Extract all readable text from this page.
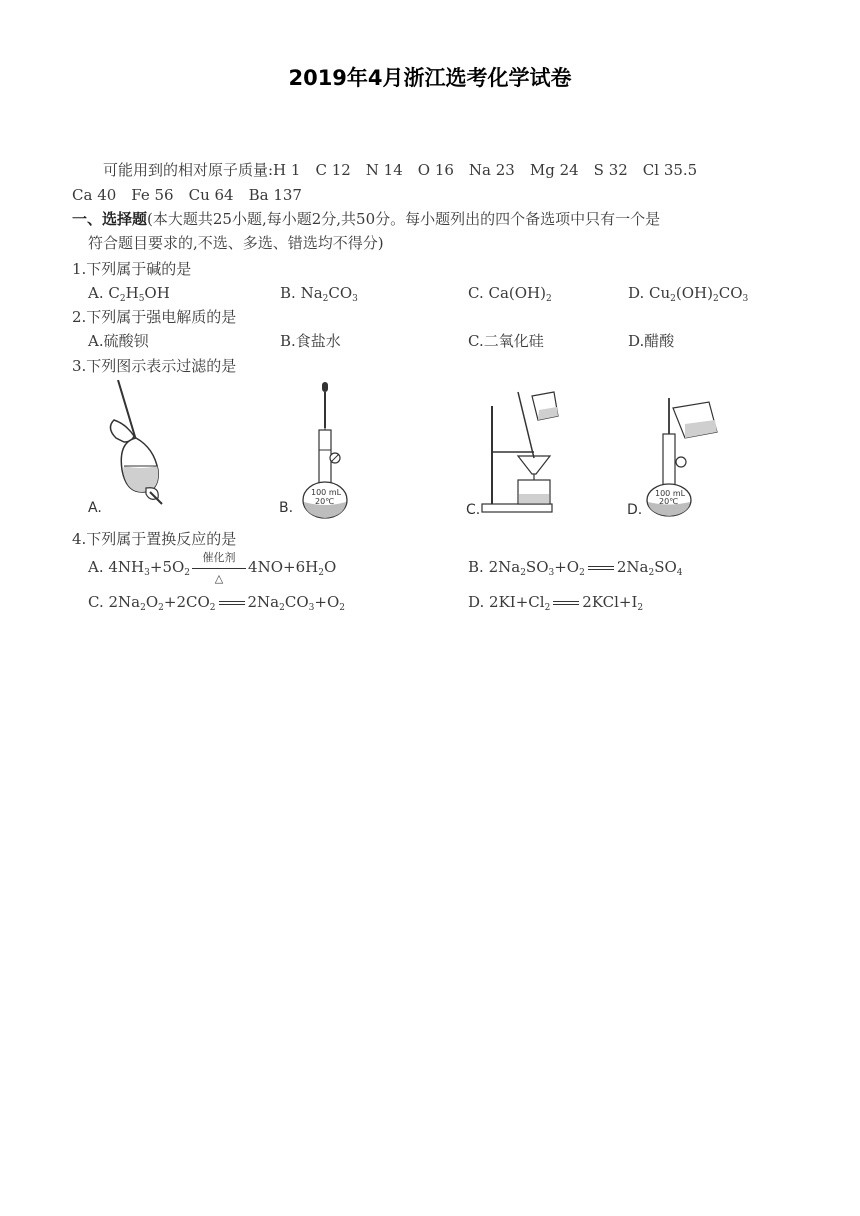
2019年4月浙江选考化学试卷
可能用到的相对原子质量:H 1　C 12　N 14　O 16　Na 23　Mg 24　S 32　Cl 35.5
Ca 40　Fe 56　Cu 64　Ba 137
一、选择题(本大题共25小题,每小题2分,共50分。每小题列出的四个备选项中只有一个是
符合题目要求的,不选、多选、错选均不得分)
1.下列属于碱的是
A. $C_2H_5OH$	B. $Na_2CO_3$	C. $Ca(OH)_2$	D. $Cu_2(OH)_2CO_3$
2.下列属于强电解质的是
A.硫酸钡	B.食盐水	C.二氧化硅	D.醋酸
3.下列图示表示过滤的是
A.
100 mL
20℃
B.	C.
100 mL
20℃
D.
4.下列属于置换反应的是
A. $4NH_3+5O_2$
催化剂
△
$4NO+6H_2O$	B. $2Na_2SO_3+O_2$ $2Na_2SO_4$
C. $2Na_2O_2+2CO_2$ $2Na_2CO_3+O_2$	D. $2KI+Cl_2$ $2KCl+I_2$
